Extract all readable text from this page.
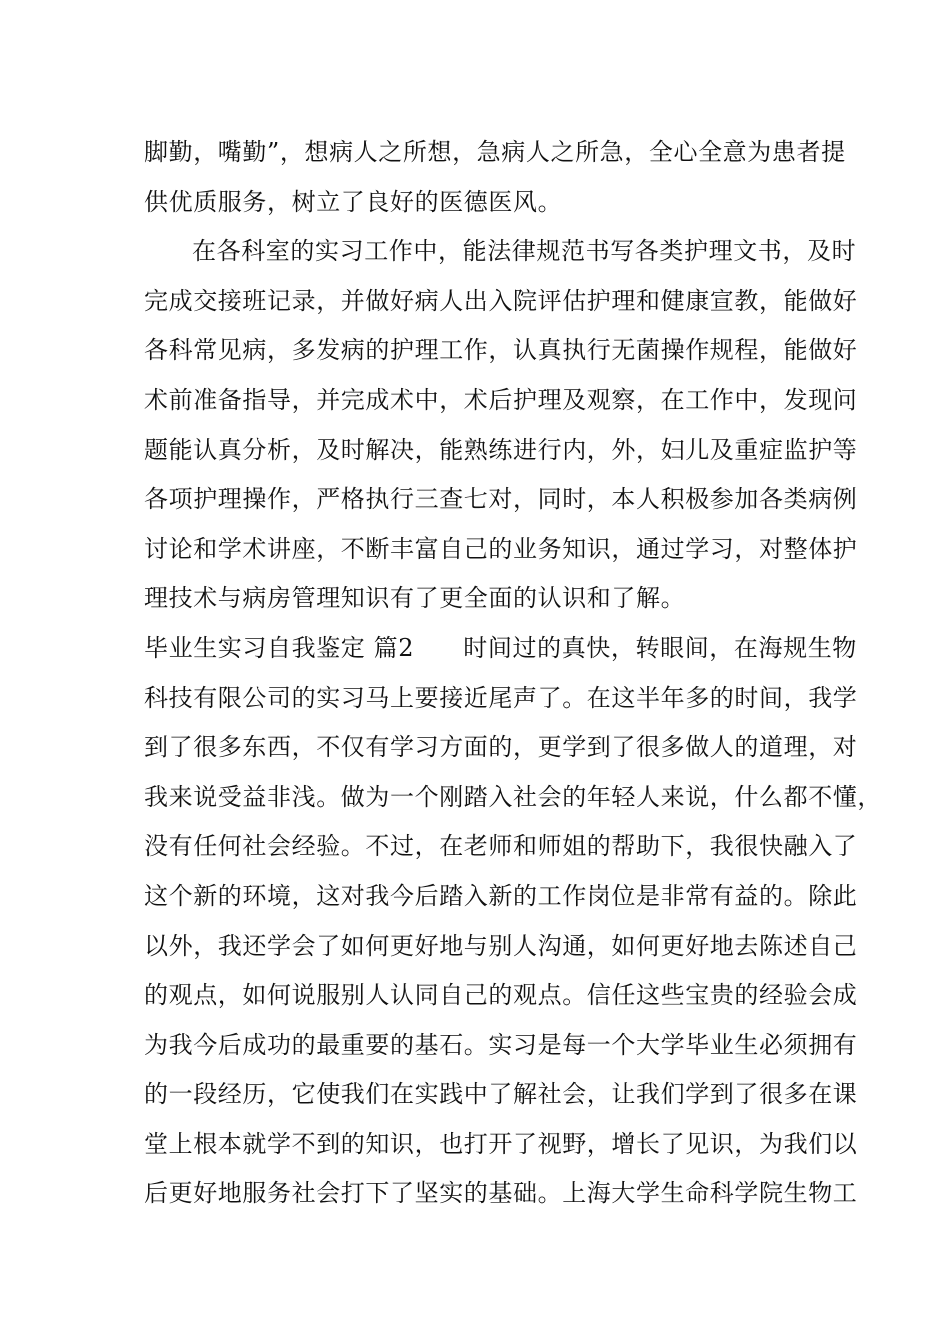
脚勤，嘴勤”，想病人之所想，急病人之所急，全心全意为患者提
供优质服务，树立了良好的医德医风。
在各科室的实习工作中，能法律规范书写各类护理文书，及时
完成交接班记录，并做好病人出入院评估护理和健康宣教，能做好
各科常见病，多发病的护理工作，认真执行无菌操作规程，能做好
术前准备指导，并完成术中，术后护理及观察，在工作中，发现问
题能认真分析，及时解决，能熟练进行内，外，妇儿及重症监护等
各项护理操作，严格执行三查七对，同时，本人积极参加各类病例
讨论和学术讲座，不断丰富自己的业务知识，通过学习，对整体护
理技术与病房管理知识有了更全面的认识和了解。
毕业生实习自我鉴定 篇2　　时间过的真快，转眼间，在海规生物
科技有限公司的实习马上要接近尾声了。在这半年多的时间，我学
到了很多东西，不仅有学习方面的，更学到了很多做人的道理，对
我来说受益非浅。做为一个刚踏入社会的年轻人来说，什么都不懂，
没有任何社会经验。不过，在老师和师姐的帮助下，我很快融入了
这个新的环境，这对我今后踏入新的工作岗位是非常有益的。除此
以外，我还学会了如何更好地与别人沟通，如何更好地去陈述自己
的观点，如何说服别人认同自己的观点。信任这些宝贵的经验会成
为我今后成功的最重要的基石。实习是每一个大学毕业生必须拥有
的一段经历，它使我们在实践中了解社会，让我们学到了很多在课
堂上根本就学不到的知识，也打开了视野，增长了见识，为我们以
后更好地服务社会打下了坚实的基础。上海大学生命科学院生物工
